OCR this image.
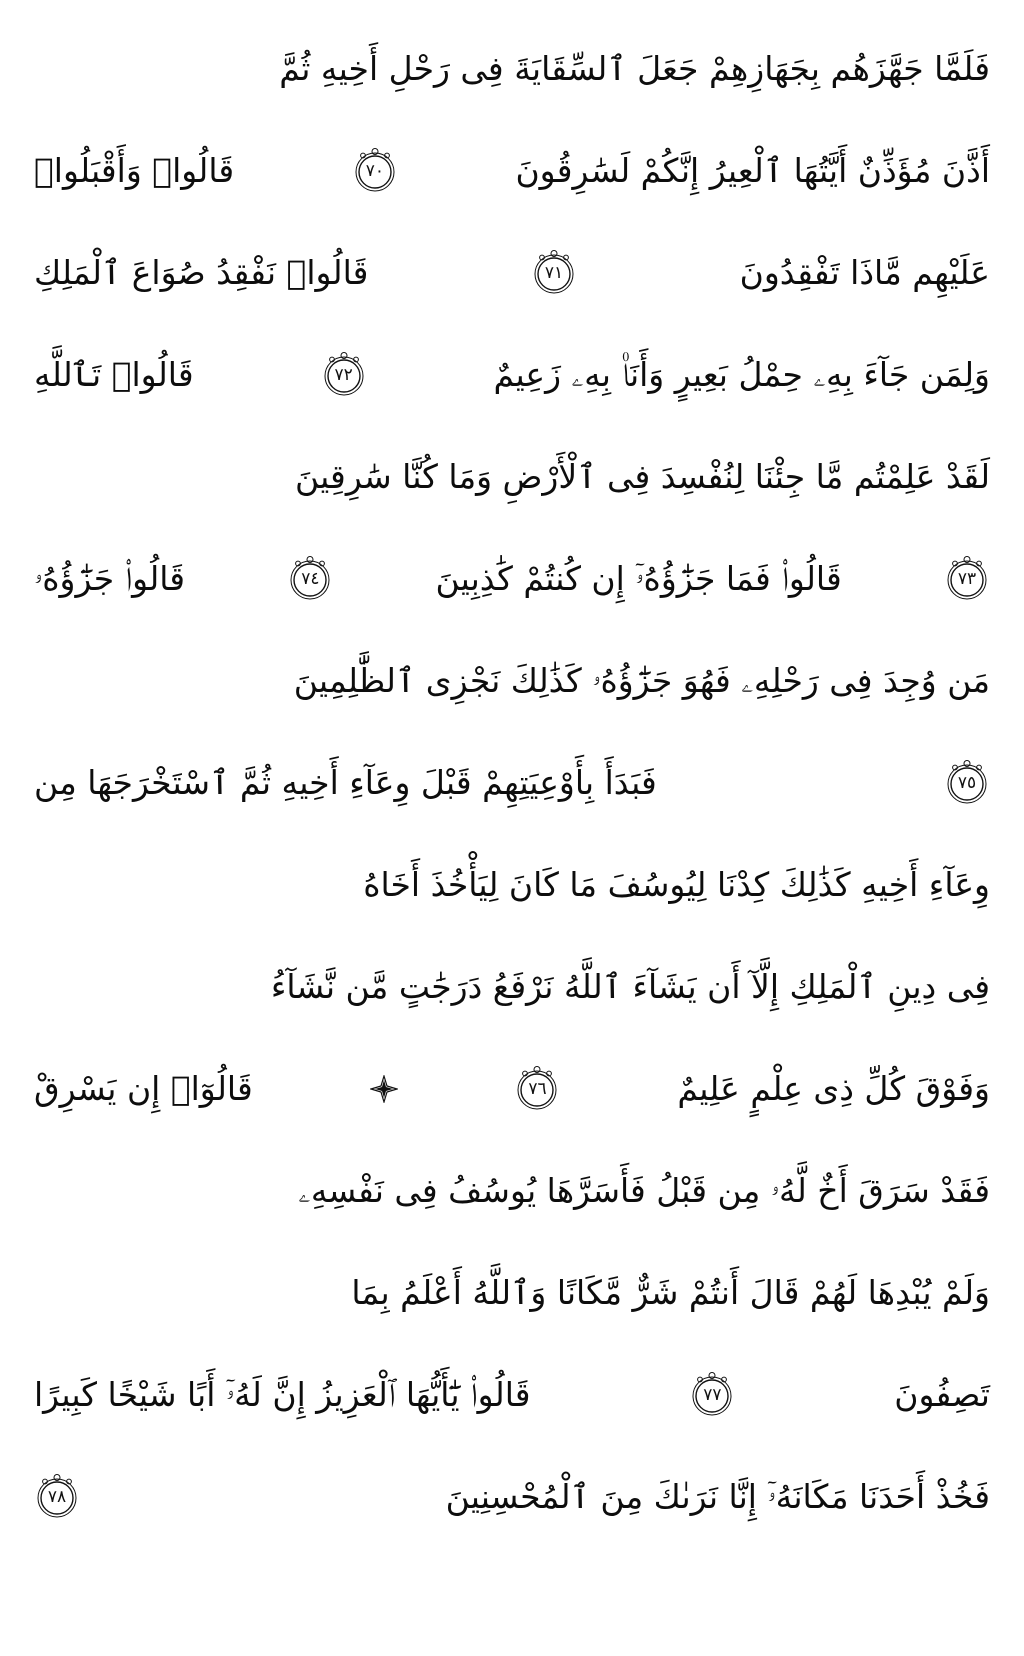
فَلَمَّا جَهَّزَهُم بِجَهَازِهِمْ جَعَلَ ٱلسِّقَايَةَ فِى رَحْلِ أَخِيهِ ثُمَّ
أَذَّنَ مُؤَذِّنٌ أَيَّتُهَا ٱلْعِيرُ إِنَّكُمْ لَسَٰرِقُونَ
٧٠
قَالُوا۟ وَأَقْبَلُوا۟
عَلَيْهِم مَّاذَا تَفْقِدُونَ
٧١
قَالُوا۟ نَفْقِدُ صُوَاعَ ٱلْمَلِكِ
وَلِمَن جَآءَ بِهِۦ حِمْلُ بَعِيرٍ وَأَنَا۠ بِهِۦ زَعِيمٌ
٧٢
قَالُوا۟ تَٱللَّهِ
لَقَدْ عَلِمْتُم مَّا جِئْنَا لِنُفْسِدَ فِى ٱلْأَرْضِ وَمَا كُنَّا سَٰرِقِينَ
٧٣
قَالُوا۟ فَمَا جَزَٰٓؤُهُۥٓ إِن كُنتُمْ كَٰذِبِينَ
٧٤
قَالُوا۟ جَزَٰٓؤُهُۥ
مَن وُجِدَ فِى رَحْلِهِۦ فَهُوَ جَزَٰٓؤُهُۥ كَذَٰلِكَ نَجْزِى ٱلظَّٰلِمِينَ
٧٥
فَبَدَأَ بِأَوْعِيَتِهِمْ قَبْلَ وِعَآءِ أَخِيهِ ثُمَّ ٱسْتَخْرَجَهَا مِن
وِعَآءِ أَخِيهِ كَذَٰلِكَ كِدْنَا لِيُوسُفَ مَا كَانَ لِيَأْخُذَ أَخَاهُ
فِى دِينِ ٱلْمَلِكِ إِلَّآ أَن يَشَآءَ ٱللَّهُ نَرْفَعُ دَرَجَٰتٍ مَّن نَّشَآءُ
وَفَوْقَ كُلِّ ذِى عِلْمٍ عَلِيمٌ
٧٦
قَالُوٓا۟ إِن يَسْرِقْ
فَقَدْ سَرَقَ أَخٌ لَّهُۥ مِن قَبْلُ فَأَسَرَّهَا يُوسُفُ فِى نَفْسِهِۦ
وَلَمْ يُبْدِهَا لَهُمْ قَالَ أَنتُمْ شَرٌّ مَّكَانًا وَٱللَّهُ أَعْلَمُ بِمَا
تَصِفُونَ
٧٧
قَالُوا۟ يَٰٓأَيُّهَا ٱلْعَزِيزُ إِنَّ لَهُۥٓ أَبًا شَيْخًا كَبِيرًا
فَخُذْ أَحَدَنَا مَكَانَهُۥٓ إِنَّا نَرَىٰكَ مِنَ ٱلْمُحْسِنِينَ
٧٨
